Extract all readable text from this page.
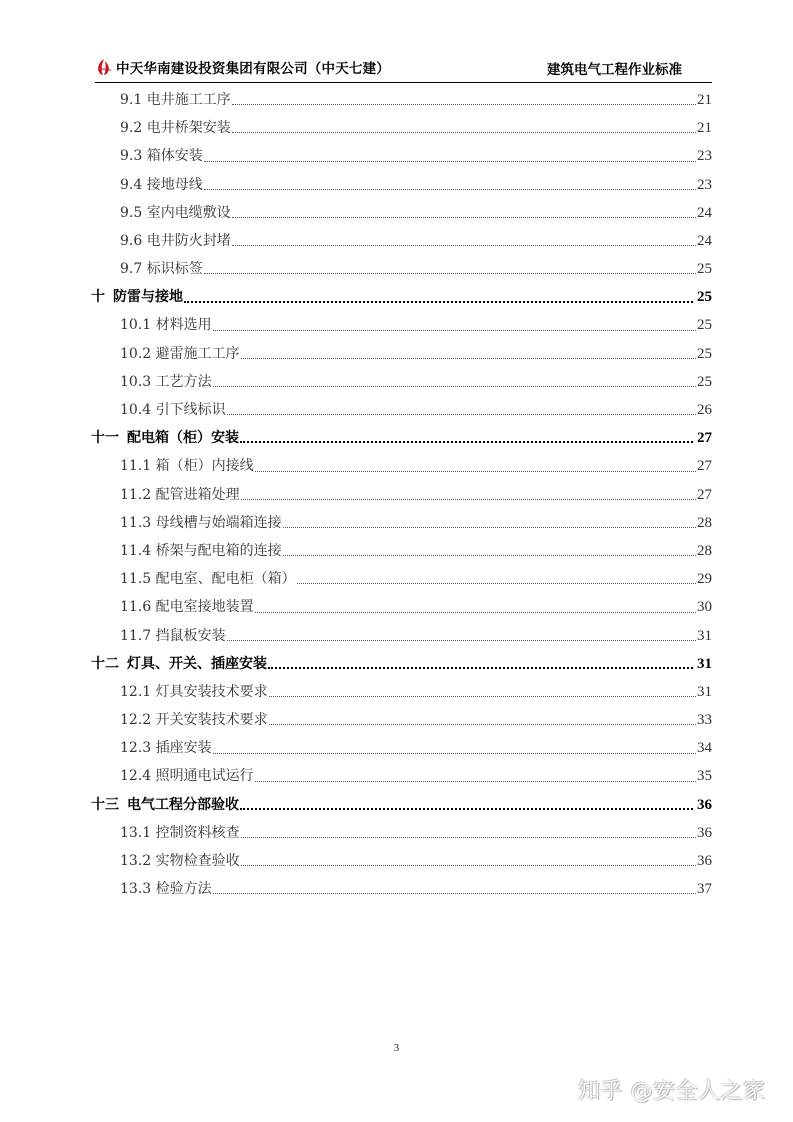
中天华南建设投资集团有限公司（中天七建）	建筑电气工程作业标准
9.1 电井施工工序	21
9.2 电井桥架安装	21
9.3 箱体安装	23
9.4 接地母线	23
9.5 室内电缆敷设	24
9.6 电井防火封堵	24
9.7 标识标签	25
十 防雷与接地	25
10.1 材料选用	25
10.2 避雷施工工序	25
10.3 工艺方法	25
10.4 引下线标识	26
十一 配电箱（柜）安装	27
11.1 箱（柜）内接线	27
11.2 配管进箱处理	27
11.3 母线槽与始端箱连接	28
11.4 桥架与配电箱的连接	28
11.5 配电室、配电柜（箱）	29
11.6 配电室接地装置	30
11.7 挡鼠板安装	31
十二 灯具、开关、插座安装	31
12.1 灯具安装技术要求	31
12.2 开关安装技术要求	33
12.3 插座安装	34
12.4 照明通电试运行	35
十三 电气工程分部验收	36
13.1 控制资料核查	36
13.2 实物检查验收	36
13.3 检验方法	37
3
知乎 @安全人之家
